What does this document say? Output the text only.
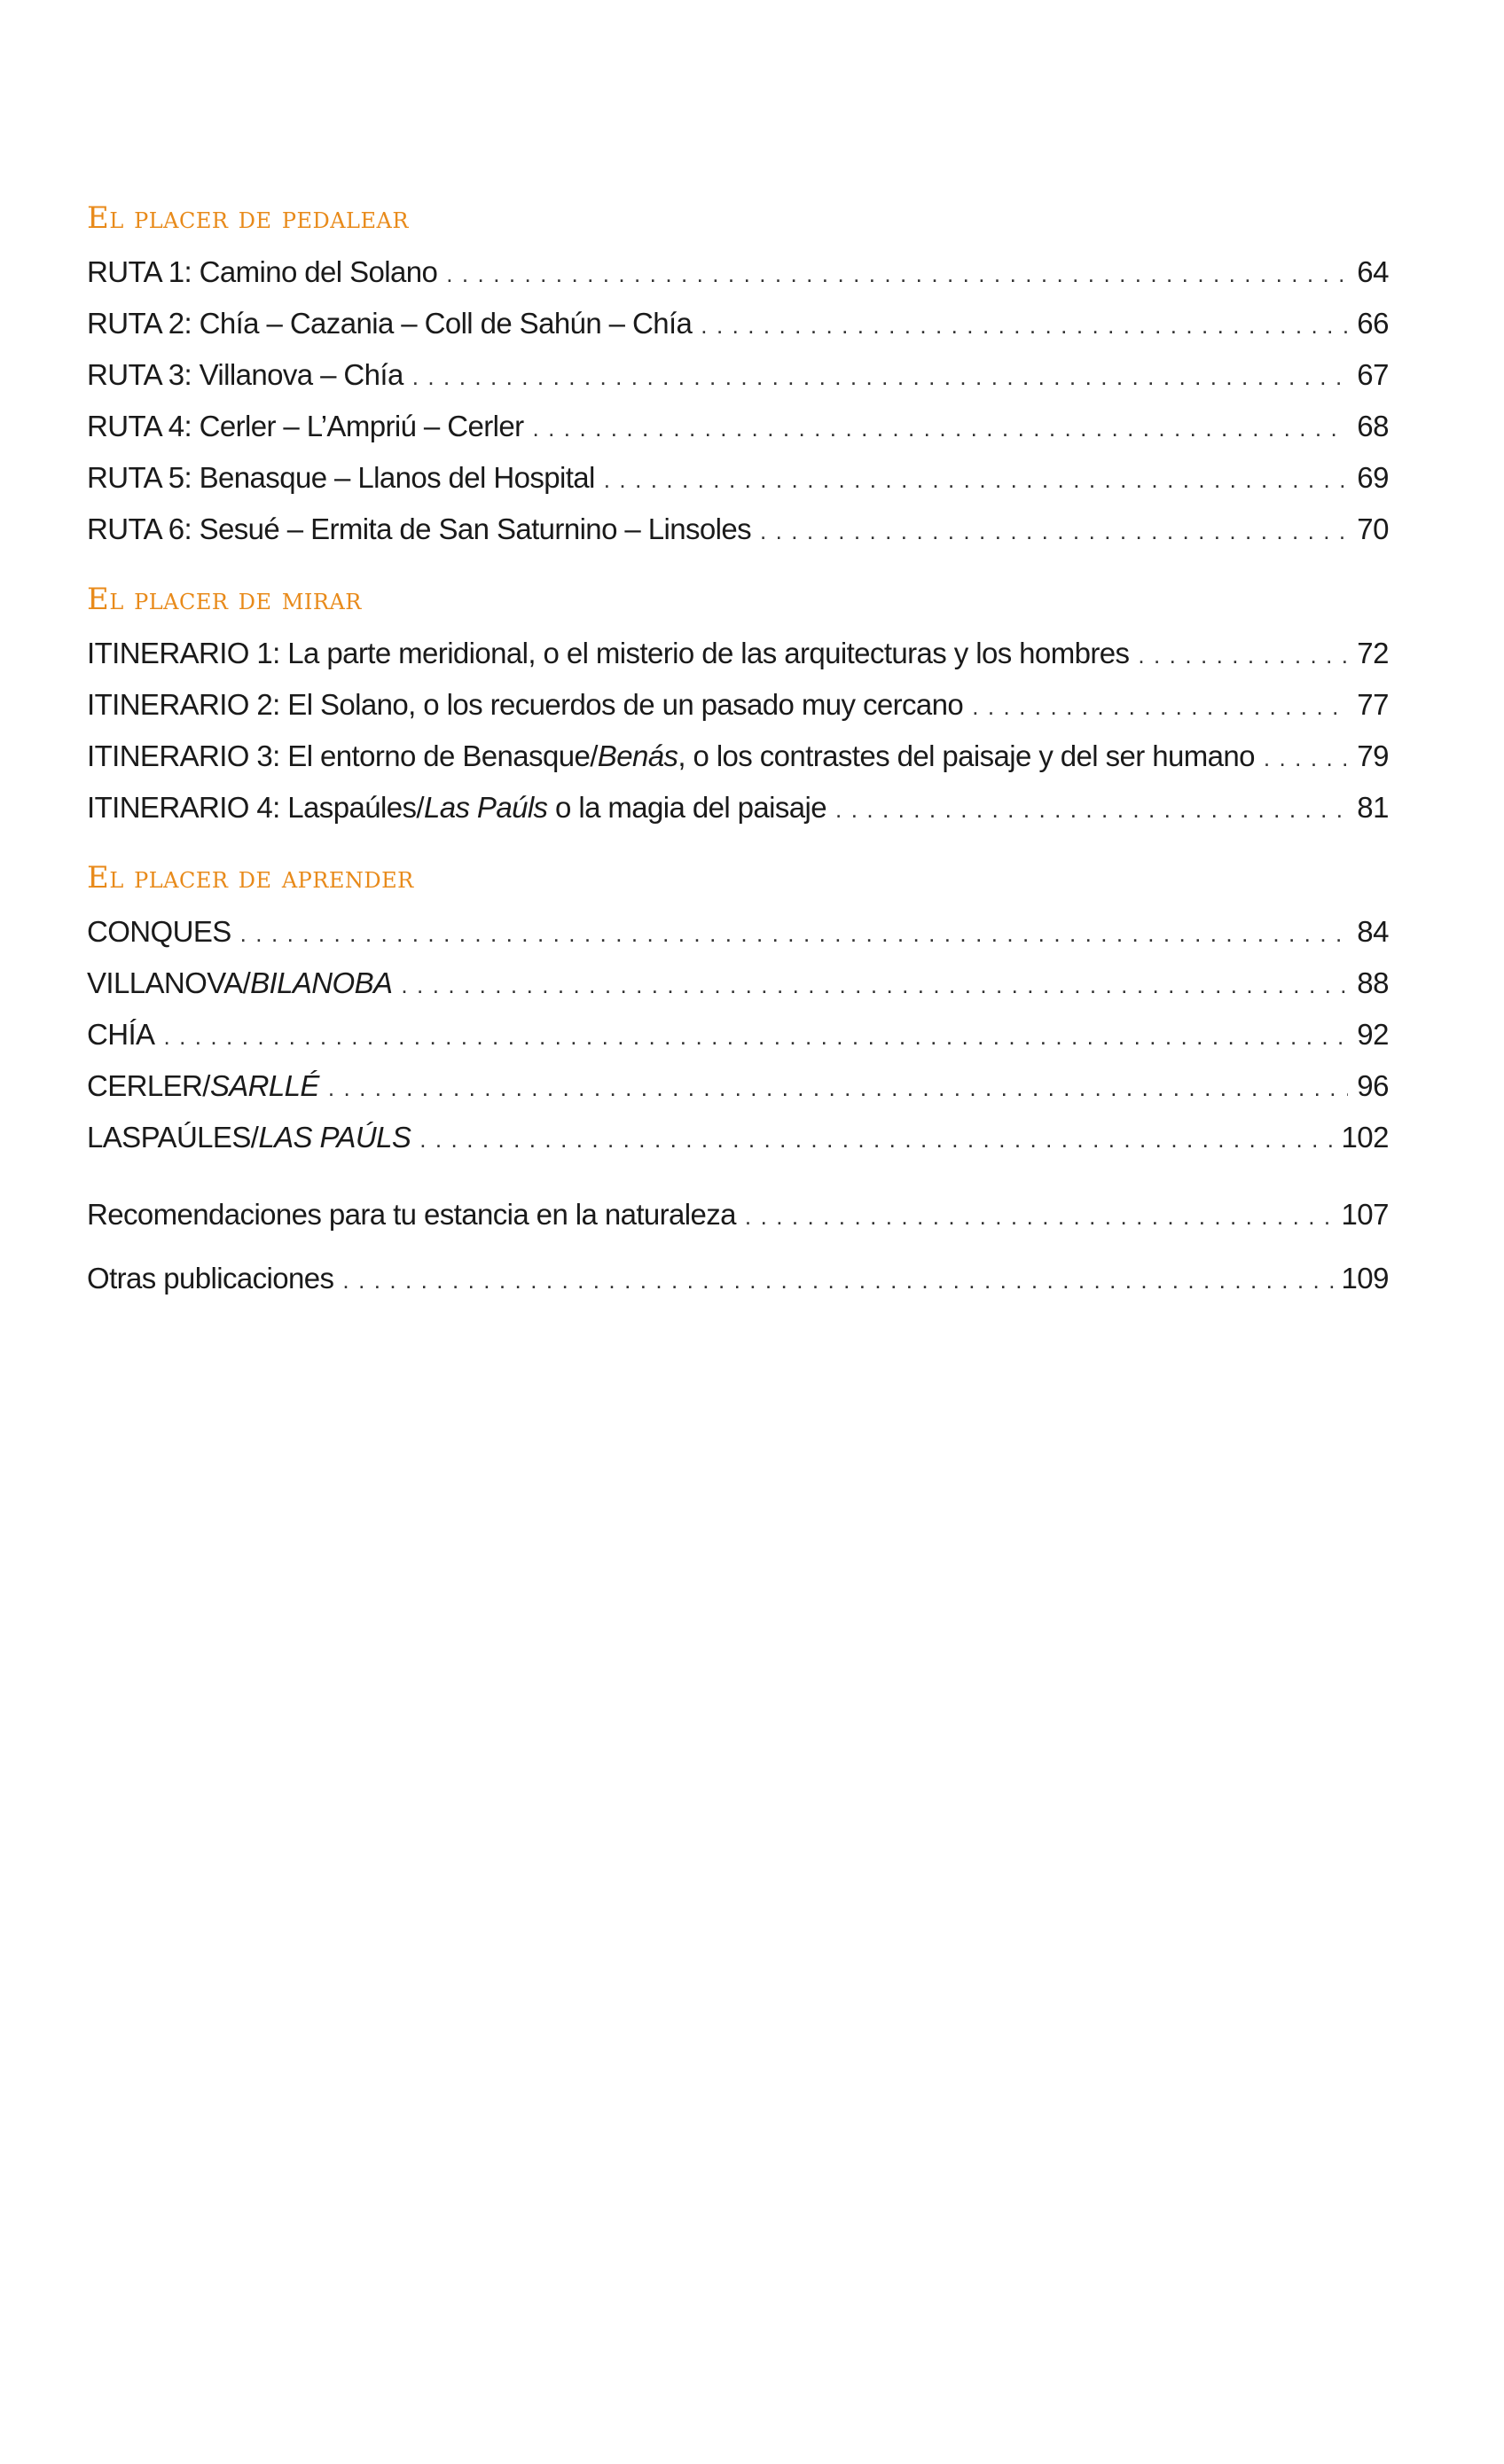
El placer de pedalear
RUTA 1: Camino del Solano . . .	64
RUTA 2: Chía – Cazania – Coll de Sahún – Chía . . .	66
RUTA 3: Villanova – Chía . . .	67
RUTA 4: Cerler – L’Ampriú – Cerler . . .	68
RUTA 5: Benasque – Llanos del Hospital . . .	69
RUTA 6: Sesué – Ermita de San Saturnino – Linsoles . . .	70
El placer de mirar
ITINERARIO 1: La parte meridional, o el misterio de las arquitecturas y los hombres . . .	72
ITINERARIO 2: El Solano, o los recuerdos de un pasado muy cercano . . .	77
ITINERARIO 3: El entorno de Benasque/Benás, o los contrastes del paisaje y del ser humano . . .	79
ITINERARIO 4: Laspaúles/Las Paúls o la magia del paisaje . . .	81
El placer de aprender
CONQUES . . .	84
VILLANOVA/BILANOBA . . .	88
CHÍA . . .	92
CERLER/SARLLÉ . . .	96
LASPAÚLES/LAS PAÚLS . . .	102
Recomendaciones para tu estancia en la naturaleza . . .	107
Otras publicaciones . . .	109
